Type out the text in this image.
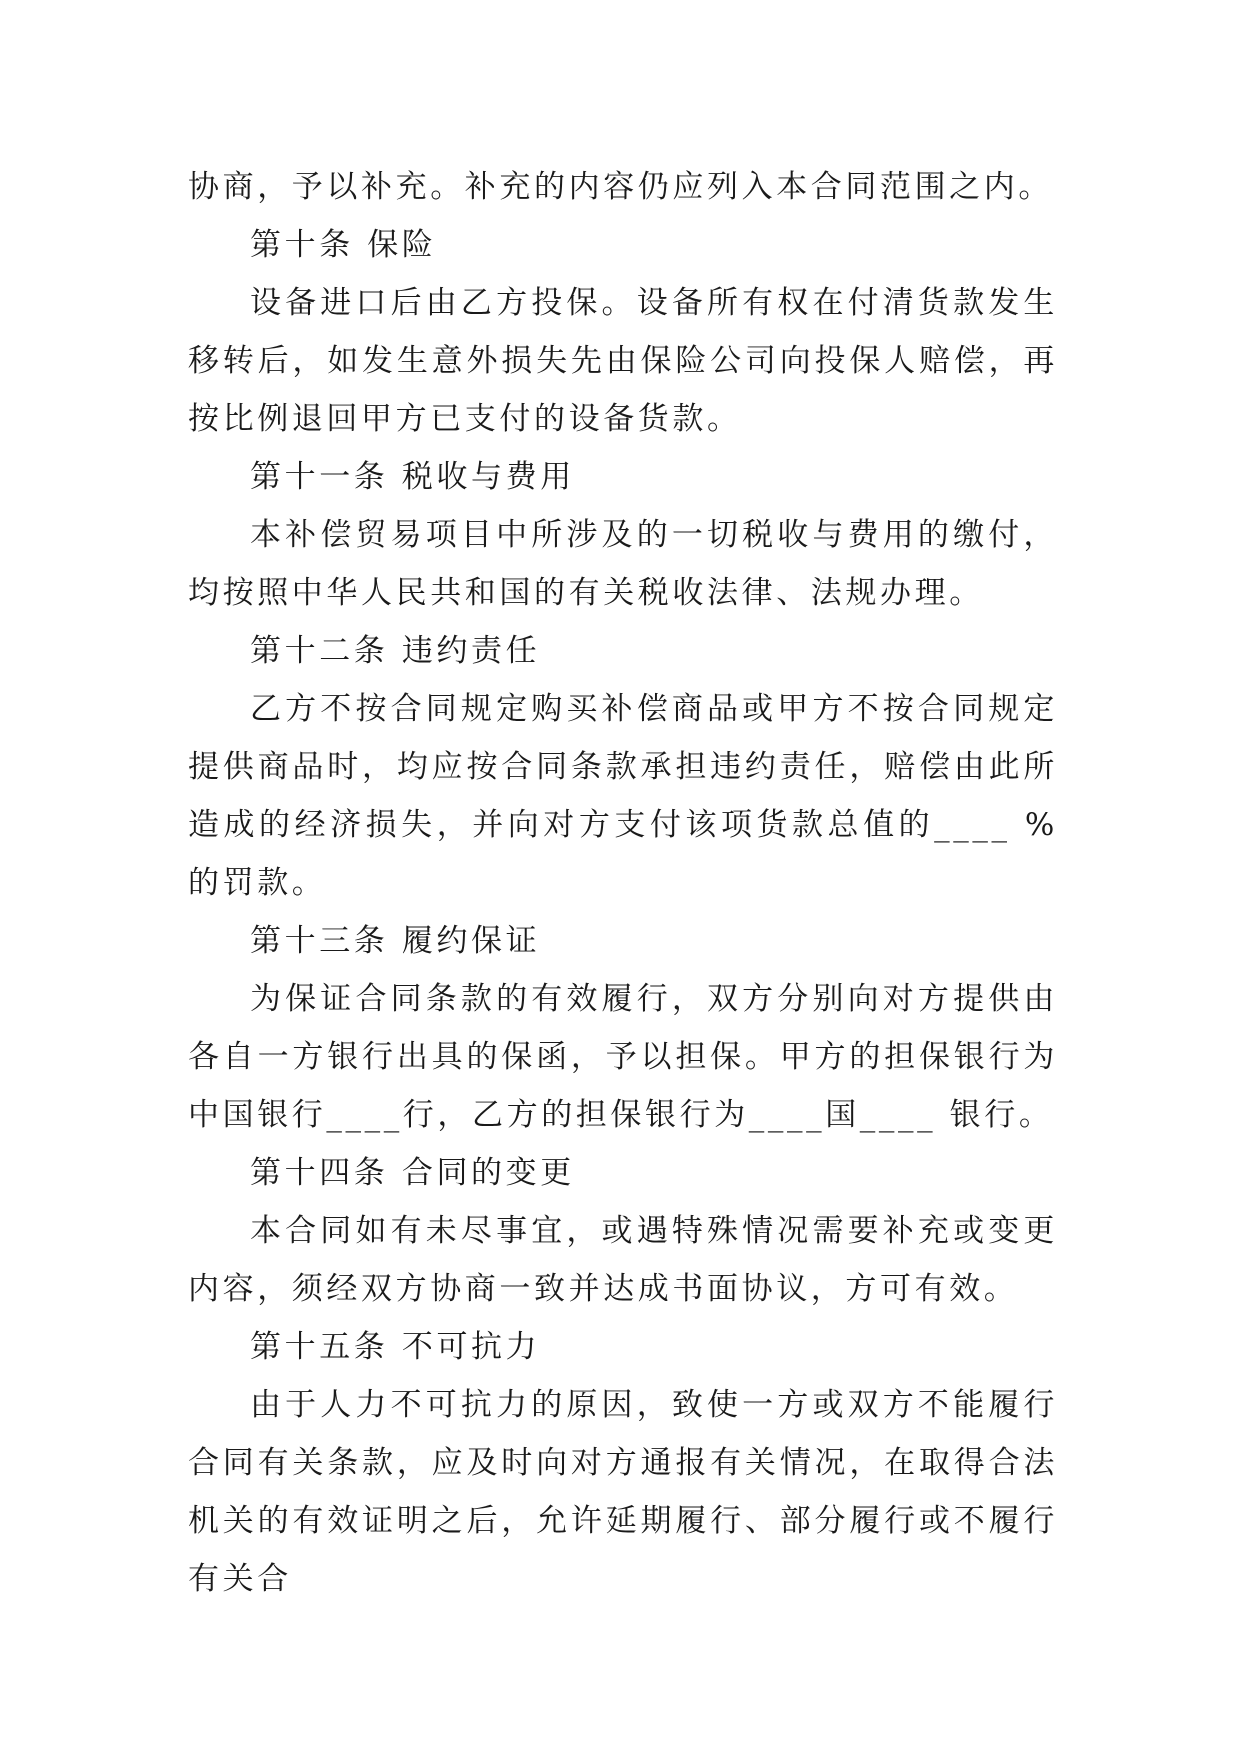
协商，予以补充。补充的内容仍应列入本合同范围之内。

第十条 保险

设备进口后由乙方投保。设备所有权在付清货款发生移转后，如发生意外损失先由保险公司向投保人赔偿，再按比例退回甲方已支付的设备货款。

第十一条 税收与费用

本补偿贸易项目中所涉及的一切税收与费用的缴付，均按照中华人民共和国的有关税收法律、法规办理。

第十二条 违约责任

乙方不按合同规定购买补偿商品或甲方不按合同规定提供商品时，均应按合同条款承担违约责任，赔偿由此所造成的经济损失，并向对方支付该项货款总值的____ %的罚款。

第十三条 履约保证

为保证合同条款的有效履行，双方分别向对方提供由各自一方银行出具的保函，予以担保。甲方的担保银行为中国银行____行，乙方的担保银行为____国____ 银行。

第十四条 合同的变更

本合同如有未尽事宜，或遇特殊情况需要补充或变更内容，须经双方协商一致并达成书面协议，方可有效。

第十五条 不可抗力

由于人力不可抗力的原因，致使一方或双方不能履行合同有关条款，应及时向对方通报有关情况，在取得合法机关的有效证明之后，允许延期履行、部分履行或不履行有关合
